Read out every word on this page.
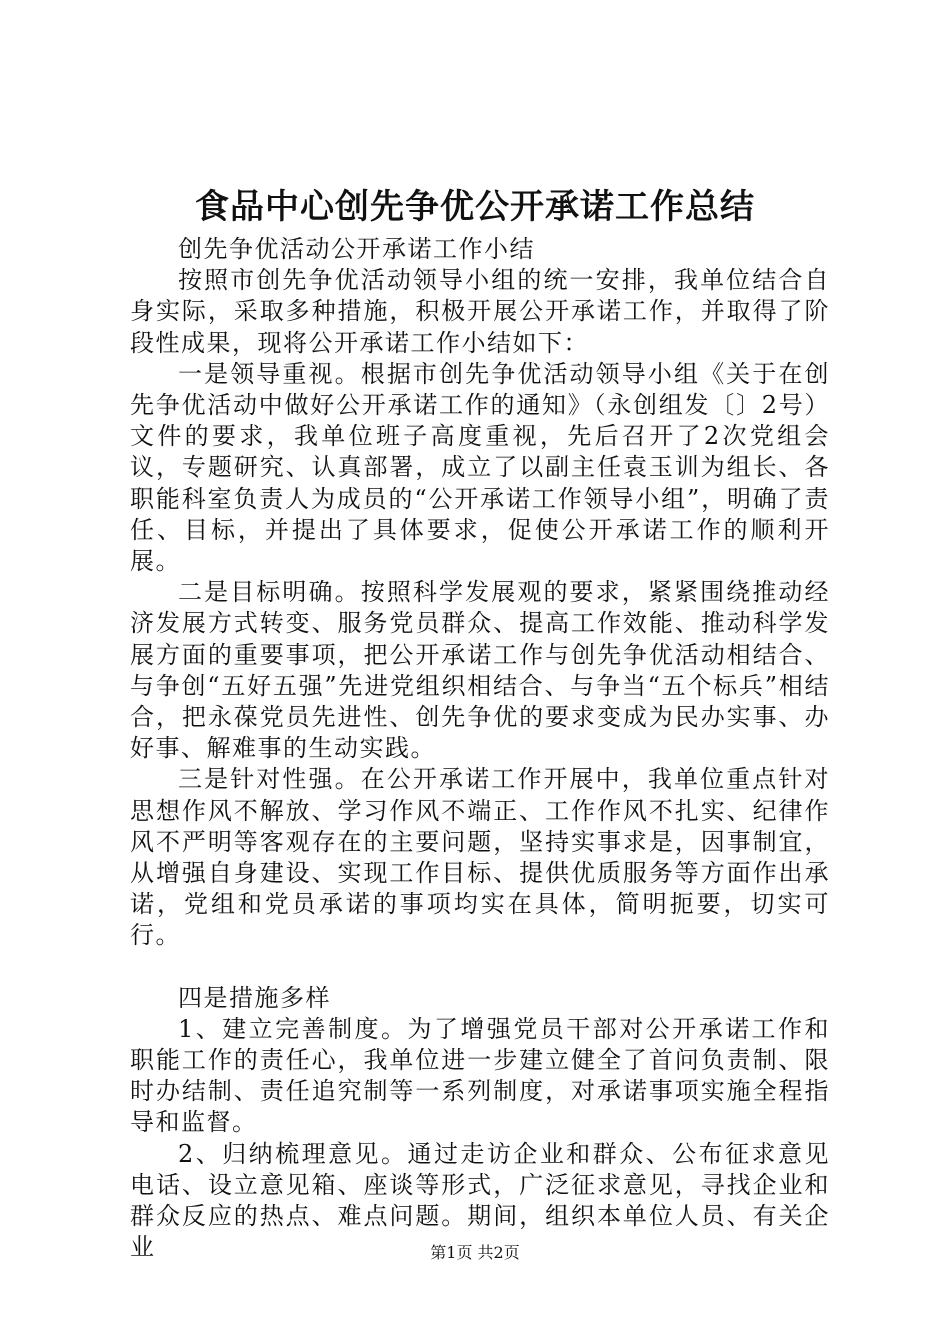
食品中心创先争优公开承诺工作总结

创先争优活动公开承诺工作小结

按照市创先争优活动领导小组的统一安排，我单位结合自身实际，采取多种措施，积极开展公开承诺工作，并取得了阶段性成果，现将公开承诺工作小结如下：

一是领导重视。根据市创先争优活动领导小组《关于在创先争优活动中做好公开承诺工作的通知》（永创组发〔〕2号）文件的要求，我单位班子高度重视，先后召开了2次党组会议，专题研究、认真部署，成立了以副主任袁玉训为组长、各职能科室负责人为成员的“公开承诺工作领导小组”，明确了责任、目标，并提出了具体要求，促使公开承诺工作的顺利开展。

二是目标明确。按照科学发展观的要求，紧紧围绕推动经济发展方式转变、服务党员群众、提高工作效能、推动科学发展方面的重要事项，把公开承诺工作与创先争优活动相结合、与争创“五好五强”先进党组织相结合、与争当“五个标兵”相结合，把永葆党员先进性、创先争优的要求变成为民办实事、办好事、解难事的生动实践。

三是针对性强。在公开承诺工作开展中，我单位重点针对思想作风不解放、学习作风不端正、工作作风不扎实、纪律作风不严明等客观存在的主要问题，坚持实事求是，因事制宜，从增强自身建设、实现工作目标、提供优质服务等方面作出承诺，党组和党员承诺的事项均实在具体，简明扼要，切实可行。

四是措施多样

1、建立完善制度。为了增强党员干部对公开承诺工作和职能工作的责任心，我单位进一步建立健全了首问负责制、限时办结制、责任追究制等一系列制度，对承诺事项实施全程指导和监督。

2、归纳梳理意见。通过走访企业和群众、公布征求意见电话、设立意见箱、座谈等形式，广泛征求意见，寻找企业和群众反应的热点、难点问题。期间，组织本单位人员、有关企业	第1页 共2页
